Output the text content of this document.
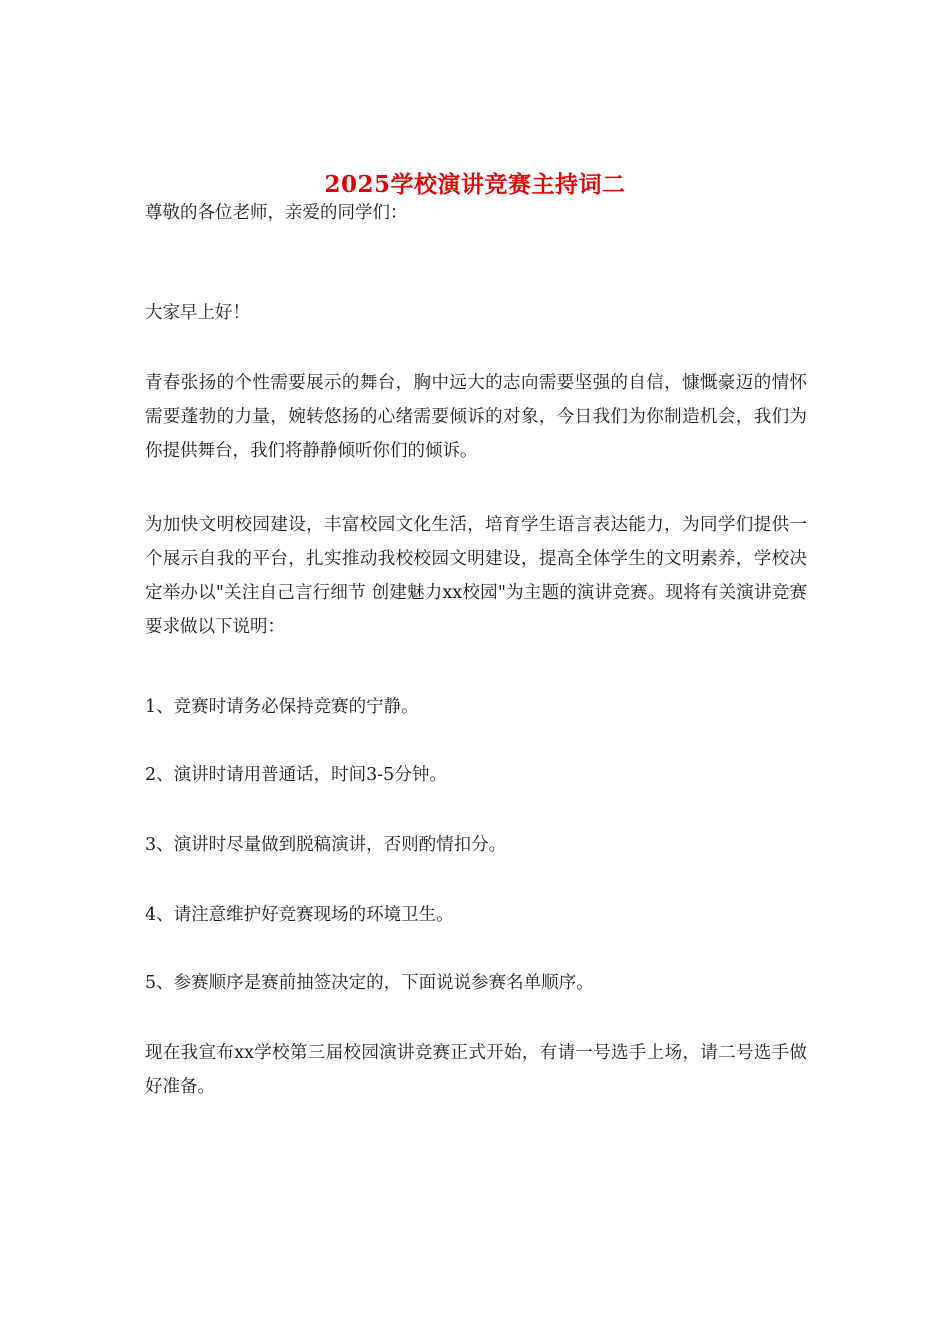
2025学校演讲竞赛主持词二

尊敬的各位老师，亲爱的同学们：

大家早上好！

青春张扬的个性需要展示的舞台，胸中远大的志向需要坚强的自信，慷慨豪迈的情怀需要蓬勃的力量，婉转悠扬的心绪需要倾诉的对象，今日我们为你制造机会，我们为你提供舞台，我们将静静倾听你们的倾诉。

为加快文明校园建设，丰富校园文化生活，培育学生语言表达能力，为同学们提供一个展示自我的平台，扎实推动我校校园文明建设，提高全体学生的文明素养，学校决定举办以"关注自己言行细节 创建魅力xx校园"为主题的演讲竞赛。现将有关演讲竞赛要求做以下说明：

1、竞赛时请务必保持竞赛的宁静。

2、演讲时请用普通话，时间3-5分钟。

3、演讲时尽量做到脱稿演讲，否则酌情扣分。

4、请注意维护好竞赛现场的环境卫生。

5、参赛顺序是赛前抽签决定的，下面说说参赛名单顺序。

现在我宣布xx学校第三届校园演讲竞赛正式开始，有请一号选手上场，请二号选手做好准备。
